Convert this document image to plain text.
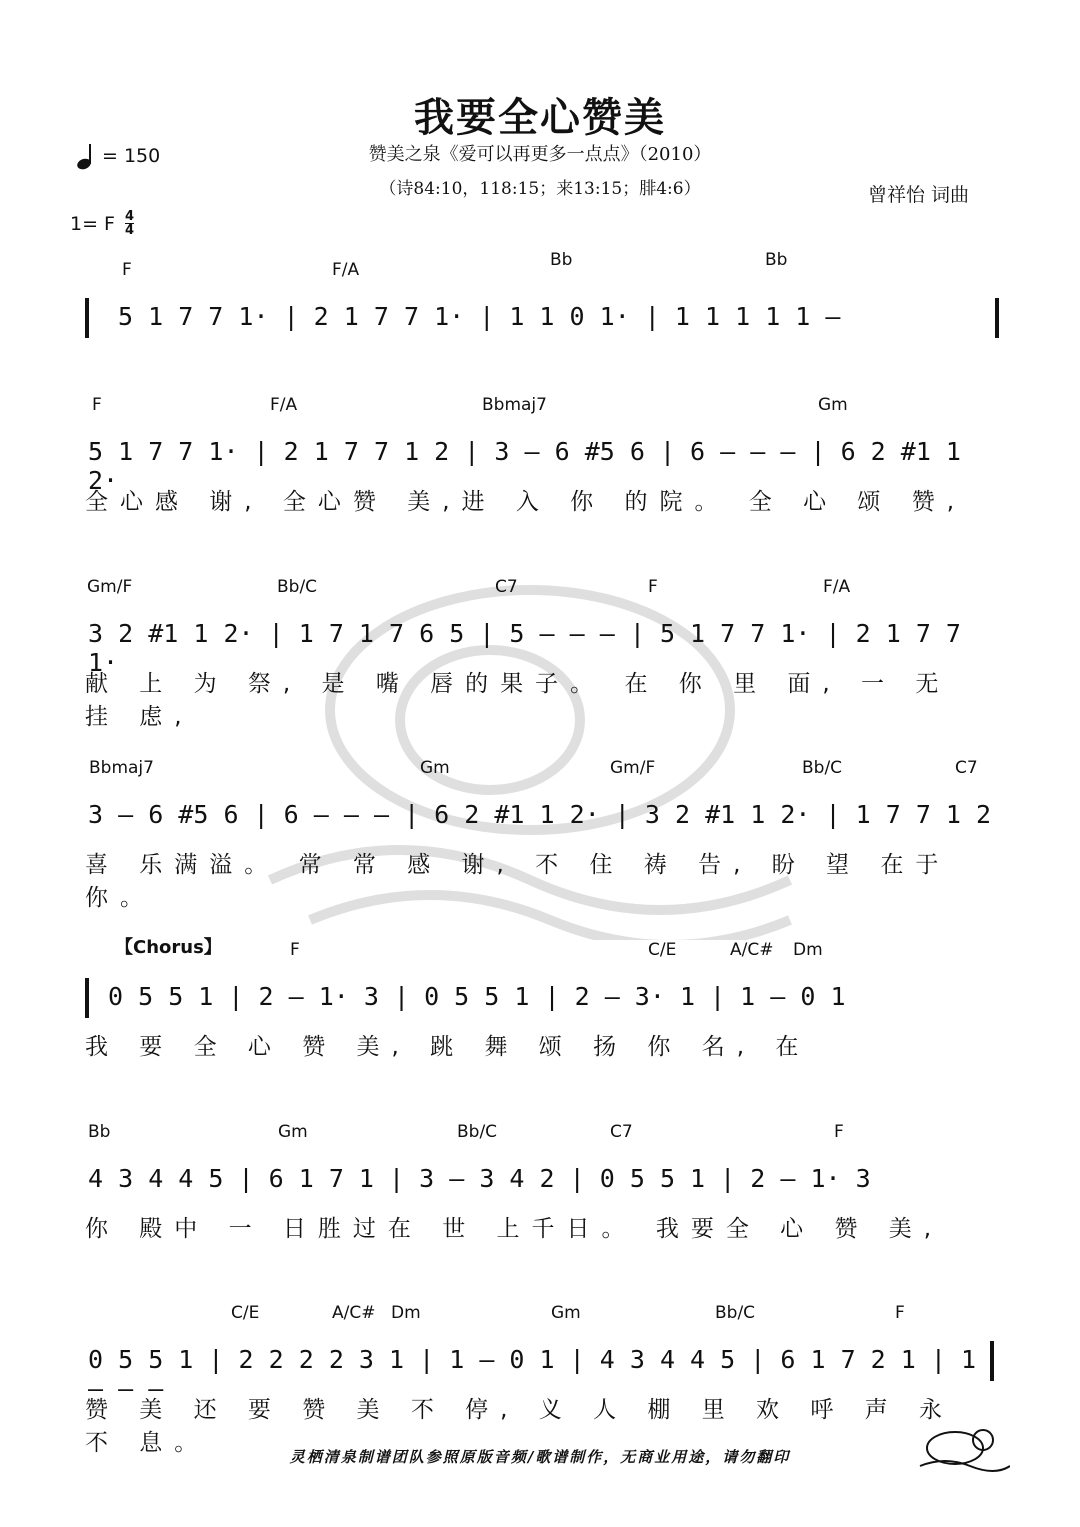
我要全心赞美
赞美之泉《爱可以再更多一点点》（2010）
（诗84:10，118:15；来13:15；腓4:6）	曾祥怡 词曲
= 150
1= F 4
4
F	F/A	Bb	Bb
5 1 7 7 1· | 2 1 7 7 1· | 1 1 0 1· | 1 1 1 1 1 –
F	F/A	Bbmaj7	Gm
5 1 7 7 1· | 2 1 7 7 1 2 | 3 – 6 #5 6 | 6 – – – | 6 2 #1 1 2·
全心感 谢, 全心赞 美,进 入 你 的院。 全 心 颂 赞,
Gm/F	Bb/C	C7	F	F/A
3 2 #1 1 2· | 1 7 1 7 6 5 | 5 – – – | 5 1 7 7 1· | 2 1 7 7 1·
献 上 为 祭, 是 嘴 唇的果子。 在 你 里 面, 一 无 挂 虑,
Bbmaj7	Gm	Gm/F	Bb/C	C7
3 – 6 #5 6 | 6 – – – | 6 2 #1 1 2· | 3 2 #1 1 2· | 1 7 7 1 2
喜 乐满溢。 常 常 感 谢, 不 住 祷 告, 盼 望 在于 你。
【Chorus】	F	C/E	A/C# Dm
0 5 5 1 | 2 – 1· 3 | 0 5 5 1 | 2 – 3· 1 | 1 – 0 1
我 要 全 心 赞 美, 跳 舞 颂 扬 你 名, 在
Bb	Gm	Bb/C	C7	F
4 3 4 4 5 | 6 1 7 1 | 3 – 3 4 2 | 0 5 5 1 | 2 – 1· 3
你 殿中 一 日胜过在 世 上千日。 我要全 心 赞 美,
C/E	A/C# Dm	Gm	Bb/C	F
0 5 5 1 | 2 2 2 2 3 1 | 1 – 0 1 | 4 3 4 4 5 | 6 1 7 2 1 | 1 – – –
赞 美 还 要 赞 美 不 停, 义 人 棚 里 欢 呼 声 永 不 息。
灵栖清泉制谱团队参照原版音频/歌谱制作，无商业用途，请勿翻印
